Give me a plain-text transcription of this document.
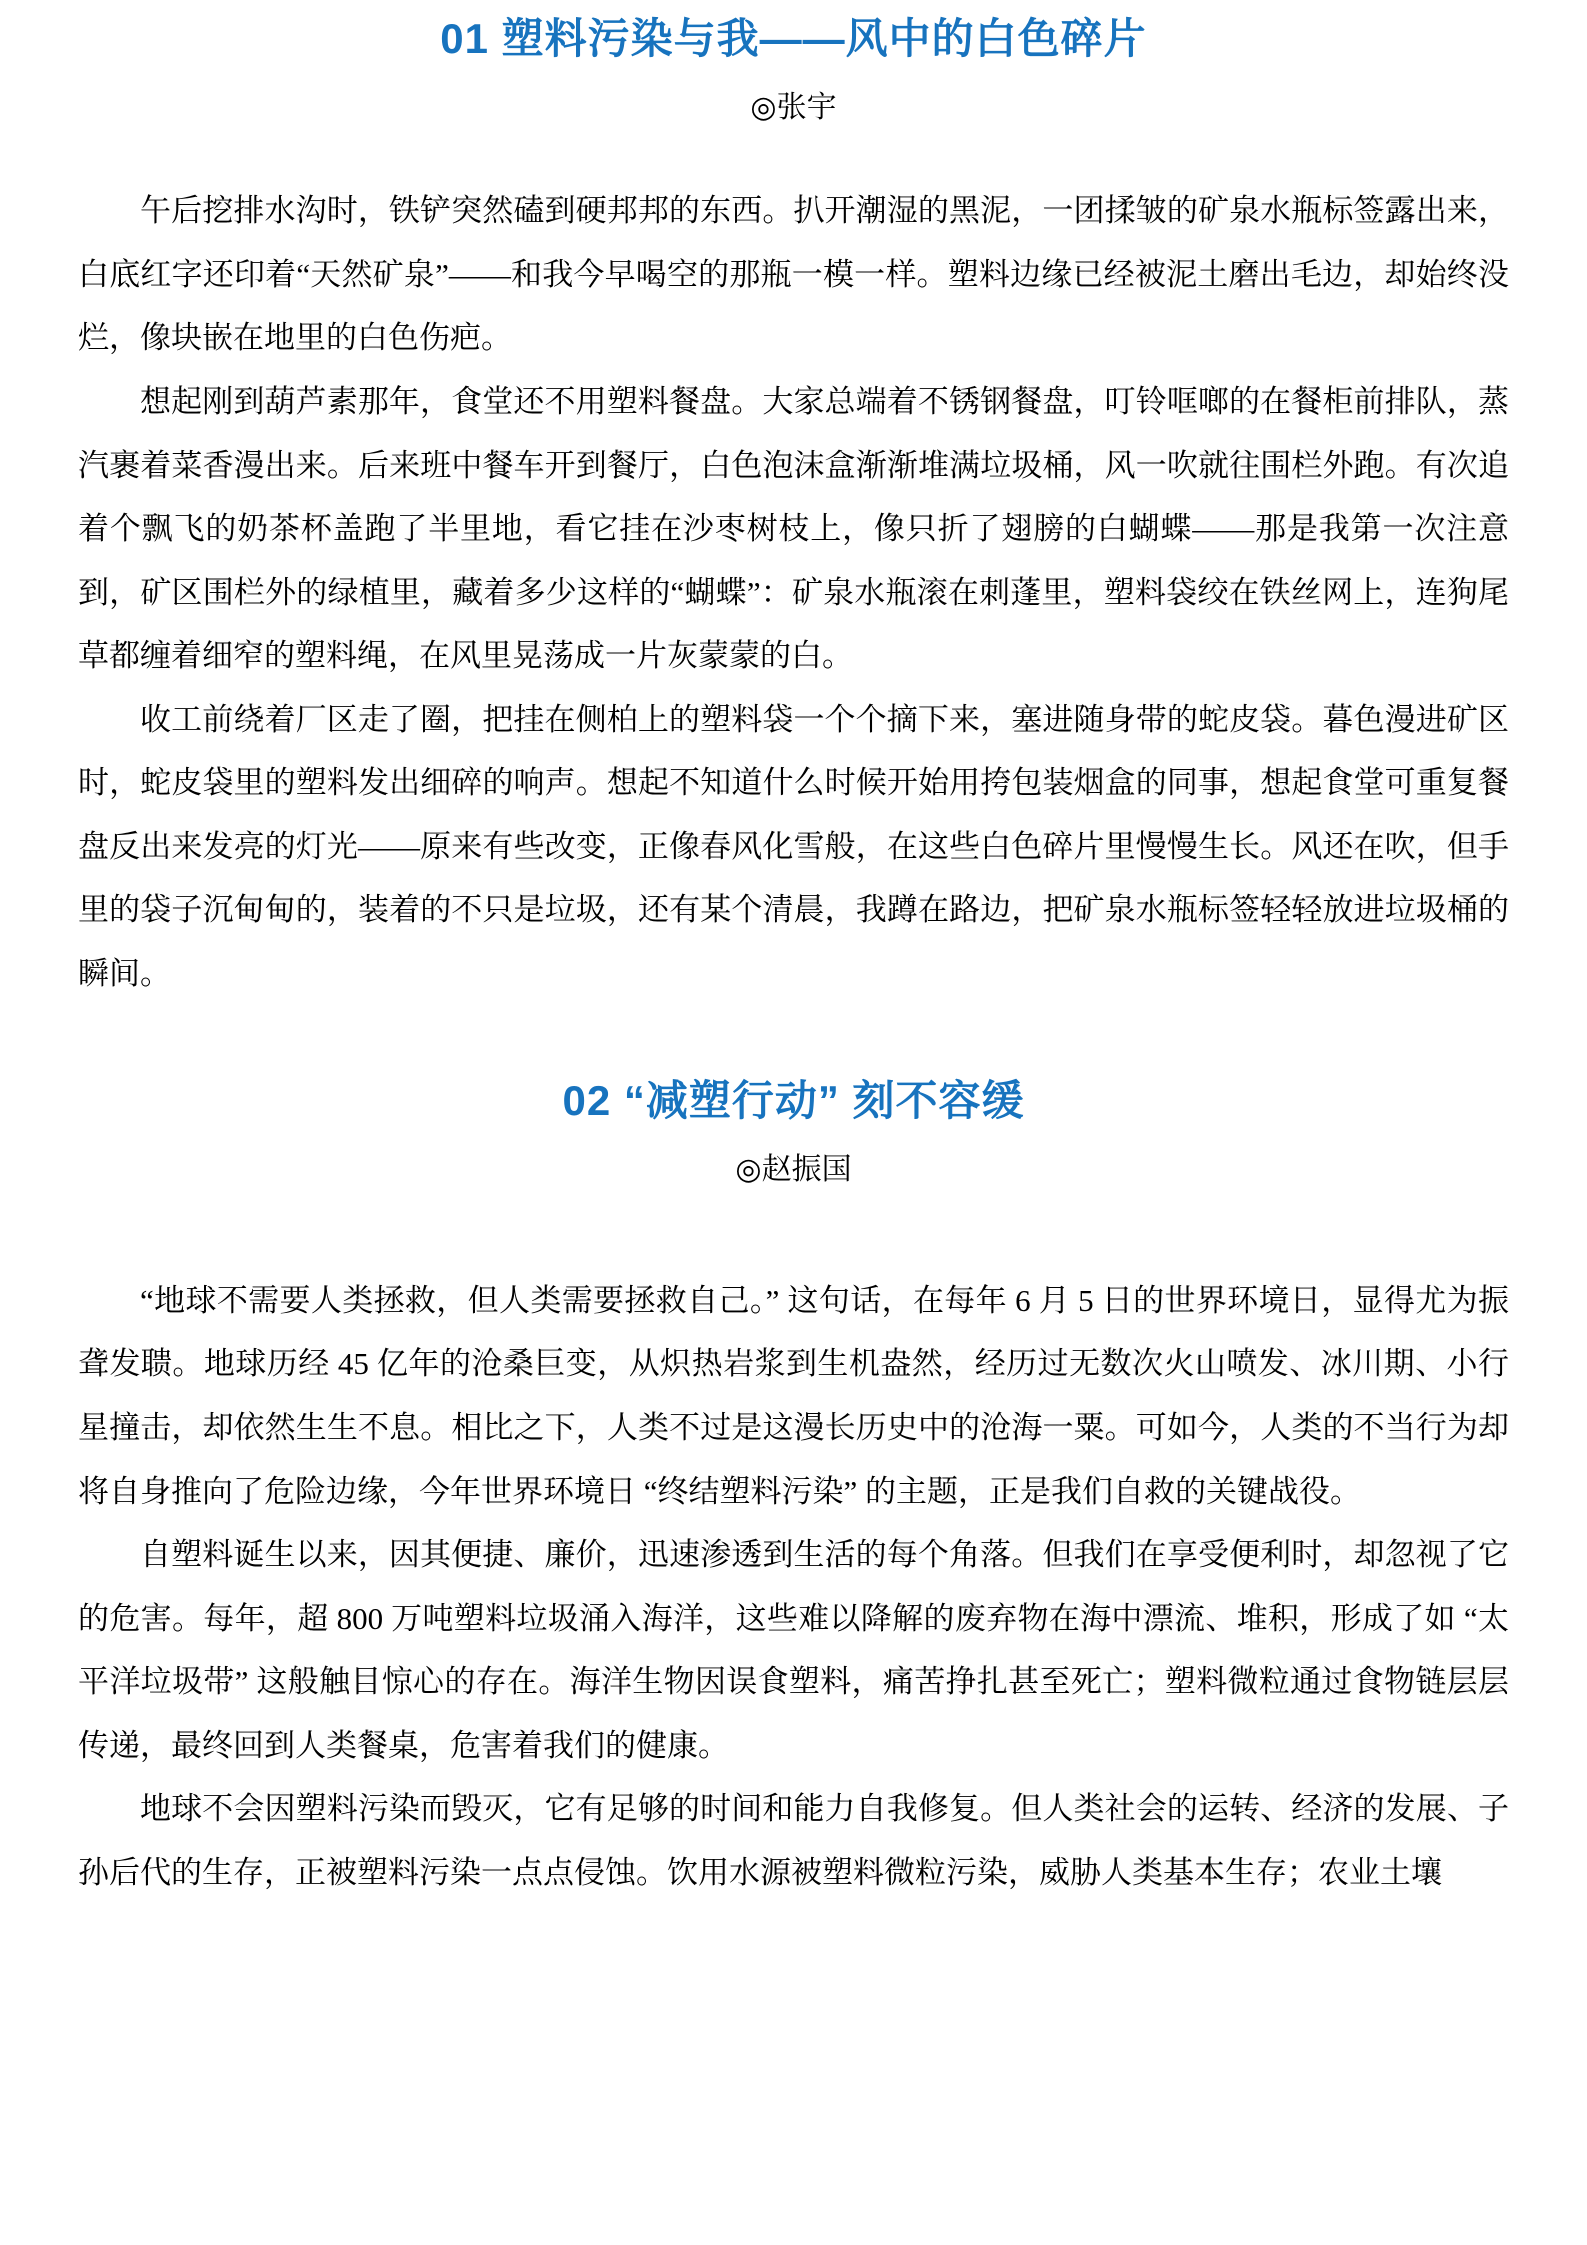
01 塑料污染与我——风中的白色碎片
◎张宇

午后挖排水沟时，铁铲突然磕到硬邦邦的东西。扒开潮湿的黑泥，一团揉皱的矿泉水瓶标签露出来，白底红字还印着“天然矿泉”——和我今早喝空的那瓶一模一样。塑料边缘已经被泥土磨出毛边，却始终没烂，像块嵌在地里的白色伤疤。

想起刚到葫芦素那年，食堂还不用塑料餐盘。大家总端着不锈钢餐盘，叮铃哐啷的在餐柜前排队，蒸汽裹着菜香漫出来。后来班中餐车开到餐厅，白色泡沫盒渐渐堆满垃圾桶，风一吹就往围栏外跑。有次追着个飘飞的奶茶杯盖跑了半里地，看它挂在沙枣树枝上，像只折了翅膀的白蝴蝶——那是我第一次注意到，矿区围栏外的绿植里，藏着多少这样的“蝴蝶”：矿泉水瓶滚在刺蓬里，塑料袋绞在铁丝网上，连狗尾草都缠着细窄的塑料绳，在风里晃荡成一片灰蒙蒙的白。

收工前绕着厂区走了圈，把挂在侧柏上的塑料袋一个个摘下来，塞进随身带的蛇皮袋。暮色漫进矿区时，蛇皮袋里的塑料发出细碎的响声。想起不知道什么时候开始用挎包装烟盒的同事，想起食堂可重复餐盘反出来发亮的灯光——原来有些改变，正像春风化雪般，在这些白色碎片里慢慢生长。风还在吹，但手里的袋子沉甸甸的，装着的不只是垃圾，还有某个清晨，我蹲在路边，把矿泉水瓶标签轻轻放进垃圾桶的瞬间。

02 “减塑行动” 刻不容缓
◎赵振国

“地球不需要人类拯救，但人类需要拯救自己。” 这句话，在每年 6 月 5 日的世界环境日，显得尤为振聋发聩。地球历经 45 亿年的沧桑巨变，从炽热岩浆到生机盎然，经历过无数次火山喷发、冰川期、小行星撞击，却依然生生不息。相比之下，人类不过是这漫长历史中的沧海一粟。可如今，人类的不当行为却将自身推向了危险边缘，今年世界环境日 “终结塑料污染” 的主题，正是我们自救的关键战役。

自塑料诞生以来，因其便捷、廉价，迅速渗透到生活的每个角落。但我们在享受便利时，却忽视了它的危害。每年，超 800 万吨塑料垃圾涌入海洋，这些难以降解的废弃物在海中漂流、堆积，形成了如 “太平洋垃圾带” 这般触目惊心的存在。海洋生物因误食塑料，痛苦挣扎甚至死亡；塑料微粒通过食物链层层传递，最终回到人类餐桌，危害着我们的健康。

地球不会因塑料污染而毁灭，它有足够的时间和能力自我修复。但人类社会的运转、经济的发展、子孙后代的生存，正被塑料污染一点点侵蚀。饮用水源被塑料微粒污染，威胁人类基本生存；农业土壤
